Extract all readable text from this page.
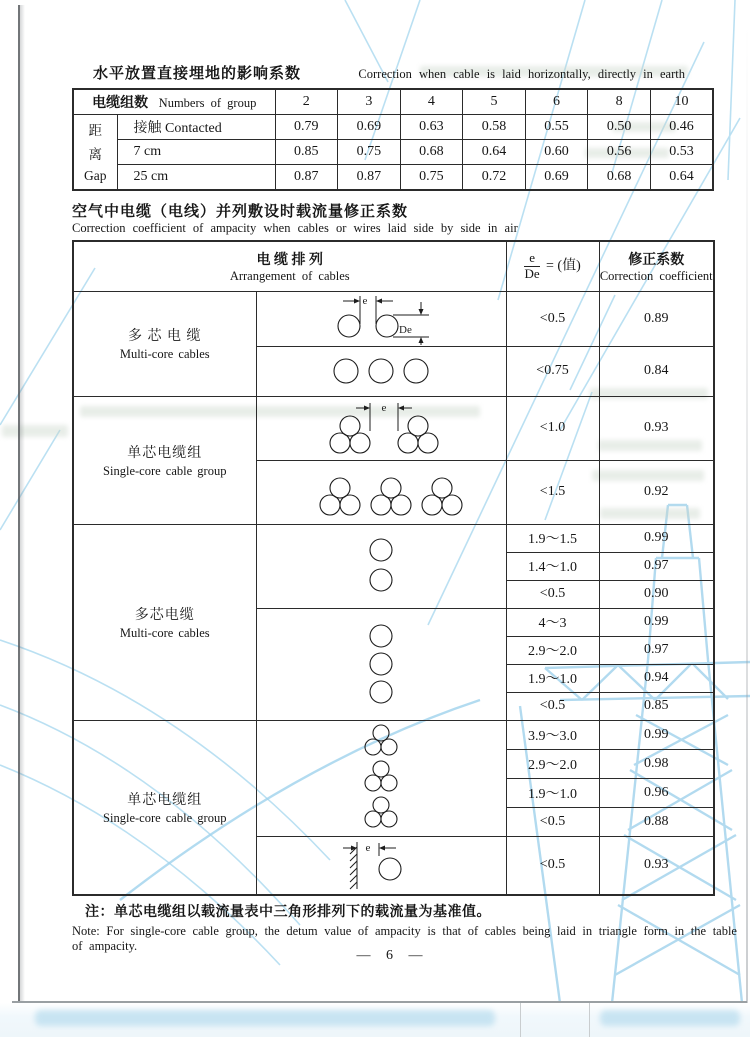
水平放置直接埋地的影响系数	Correction when cable is laid horizontally, directly in earth
电缆组数 Numbers of group		2	3	4	5	6	8	10

距
离
Gap	接触 Contacted	0.79	0.69	0.63	0.58	0.55	0.50	0.46
	7 cm	0.85	0.75	0.68	0.64	0.60	0.56	0.53
	25 cm	0.87	0.87	0.75	0.72	0.69	0.68	0.64
空气中电缆（电线）并列敷设时载流量修正系数
Correction coefficient of ampacity when cables or wires laid side by side in air
电 缆 排 列
Arrangement of cables	$\frac{e}{De}$ = (值)	修正系数
Correction coefficient

多 芯 电 缆
Multi-core cables

e
De
	<0.5	0.89

	<0.75	0.84

单芯电缆组
Single-core cable group	e	<1.0	0.93

	<1.5	0.92

多芯电缆
Multi-core cables		1.9～1.5	0.99
		1.4～1.0	0.97
		<0.5	0.90

	4～3	0.99
		2.9～2.0	0.97
		1.9～1.0	0.94
		<0.5	0.85

单芯电缆组
Single-core cable group		3.9～3.0	0.99
		2.9～2.0	0.98
		1.9～1.0	0.96
		<0.5	0.88

e	<0.5	0.93
注：单芯电缆组以载流量表中三角形排列下的载流量为基准值。
Note: For single-core cable group, the detum value of ampacity is that of cables being laid in triangle form in the table of ampacity.
— 6 —
